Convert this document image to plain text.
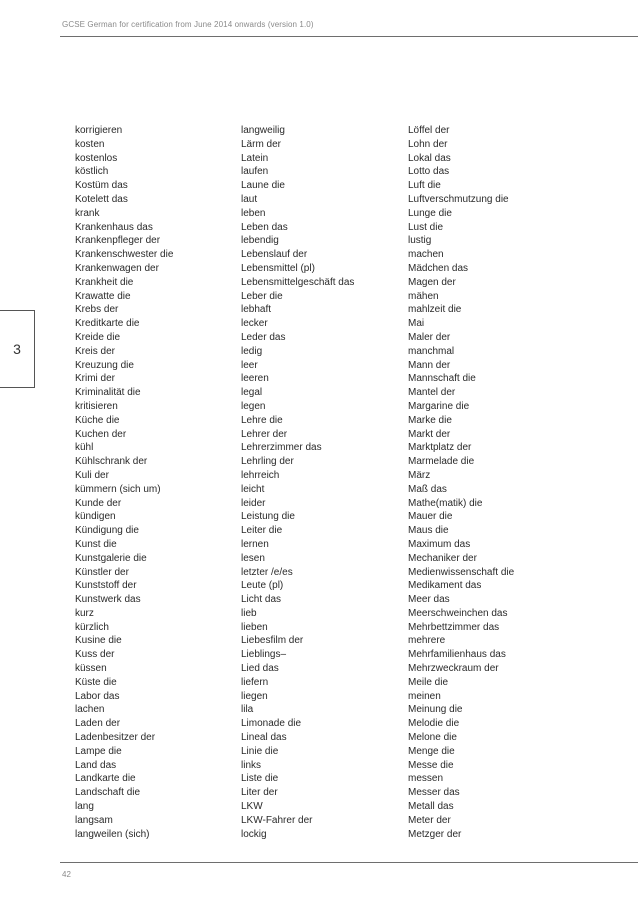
GCSE German for certification from June 2014 onwards (version 1.0)
3
korrigieren
kosten
kostenlos
köstlich
Kostüm das
Kotelett das
krank
Krankenhaus das
Krankenpfleger der
Krankenschwester die
Krankenwagen der
Krankheit die
Krawatte die
Krebs der
Kreditkarte die
Kreide die
Kreis der
Kreuzung die
Krimi der
Kriminalität die
kritisieren
Küche die
Kuchen der
kühl
Kühlschrank der
Kuli der
kümmern (sich um)
Kunde der
kündigen
Kündigung die
Kunst die
Kunstgalerie die
Künstler der
Kunststoff der
Kunstwerk das
kurz
kürzlich
Kusine die
Kuss der
küssen
Küste die
Labor das
lachen
Laden der
Ladenbesitzer der
Lampe die
Land das
Landkarte die
Landschaft die
lang
langsam
langweilen (sich)
langweilig
Lärm der
Latein
laufen
Laune die
laut
leben
Leben das
lebendig
Lebenslauf der
Lebensmittel (pl)
Lebensmittelgeschäft das
Leber die
lebhaft
lecker
Leder das
ledig
leer
leeren
legal
legen
Lehre die
Lehrer der
Lehrerzimmer das
Lehrling der
lehrreich
leicht
leider
Leistung die
Leiter die
lernen
lesen
letzter /e/es
Leute (pl)
Licht das
lieb
lieben
Liebesfilm der
Lieblings–
Lied das
liefern
liegen
lila
Limonade die
Lineal das
Linie die
links
Liste die
Liter der
LKW
LKW-Fahrer der
lockig
Löffel der
Lohn der
Lokal das
Lotto das
Luft die
Luftverschmutzung die
Lunge die
Lust die
lustig
machen
Mädchen das
Magen der
mähen
mahlzeit die
Mai
Maler der
manchmal
Mann der
Mannschaft die
Mantel der
Margarine die
Marke die
Markt der
Marktplatz der
Marmelade die
März
Maß das
Mathe(matik) die
Mauer die
Maus die
Maximum das
Mechaniker der
Medienwissenschaft die
Medikament das
Meer das
Meerschweinchen das
Mehrbettzimmer das
mehrere
Mehrfamilienhaus das
Mehrzweckraum der
Meile die
meinen
Meinung die
Melodie die
Melone die
Menge die
Messe die
messen
Messer das
Metall das
Meter der
Metzger der
42
